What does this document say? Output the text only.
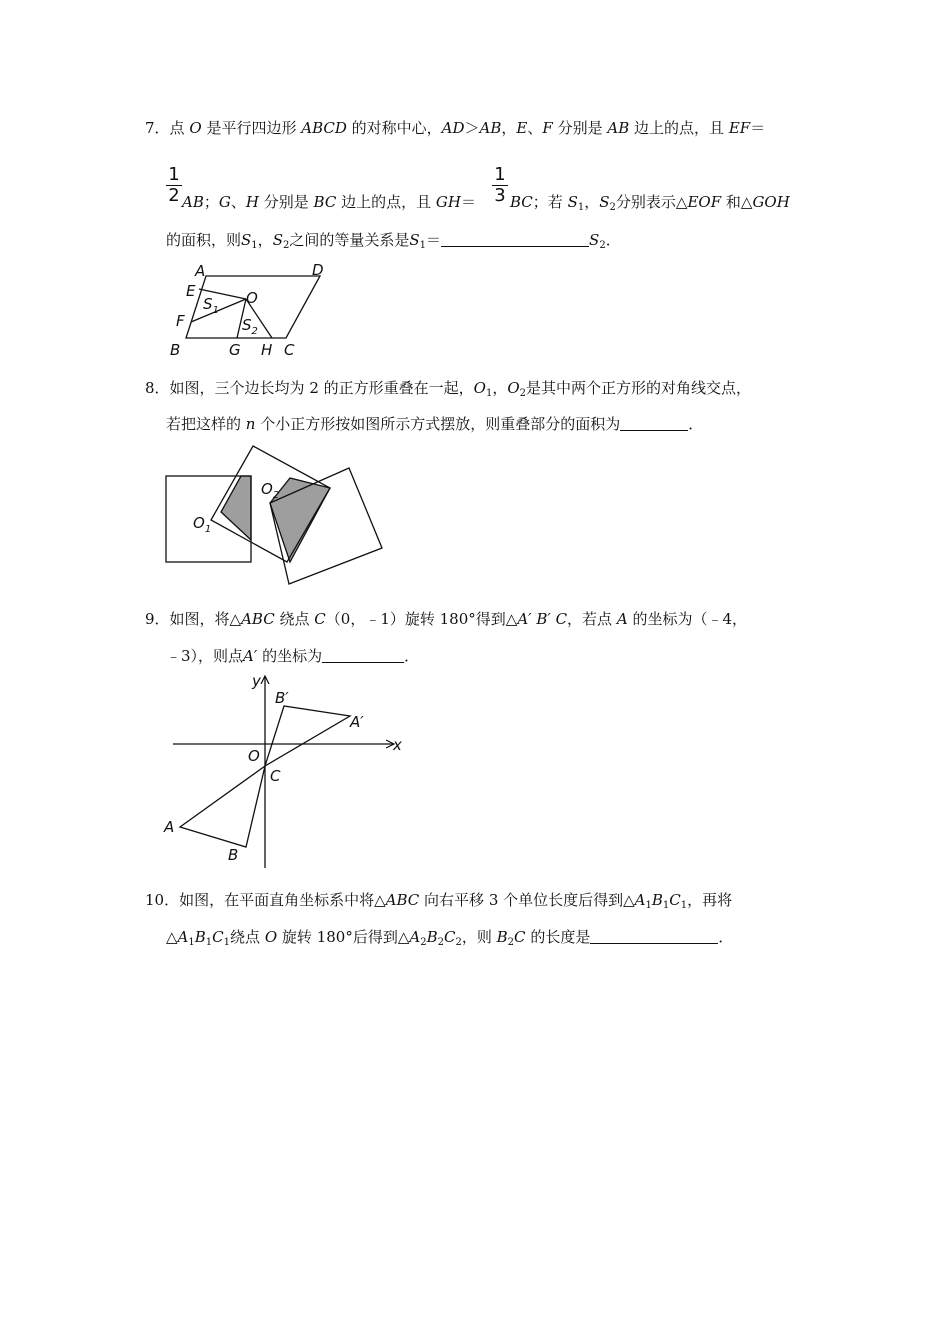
7．点 O 是平行四边形 ABCD 的对称中心，AD＞AB，E、F 分别是 AB 边上的点，且 EF＝
1
2
1
3
AB；G、H 分别是 BC 边上的点，且 GH＝ BC；若 $S_1$，$S_2$分别表示△EOF 和△GOH
的面积，则$S_1$，$S_2$之间的等量关系是$S_1=$	$S_2$．
A	D
E
F
O
$S_1$
$S_2$
B	G H C
8．如图，三个边长均为 2 的正方形重叠在一起，$O_1$，$O_2$是其中两个正方形的对角线交点，
若把这样的 n 个小正方形按如图所示方式摆放，则重叠部分的面积为	．
$O_1$
$O_2$
9．如图，将△ABC 绕点 C（0，﹣1）旋转 180°得到△A′ B′ C，若点 A 的坐标为（﹣4，
﹣3），则点A′ 的坐标为	．
y
x
O
C
A
B
A′
B′
10．如图，在平面直角坐标系中将△ABC 向右平移 3 个单位长度后得到$\triangle A_1B_1C_1$，再将
$\triangle A_1B_1C_1$绕点 O 旋转 180°后得到$\triangle A_2B_2C_2$，则 $B_2C$ 的长度是	．
